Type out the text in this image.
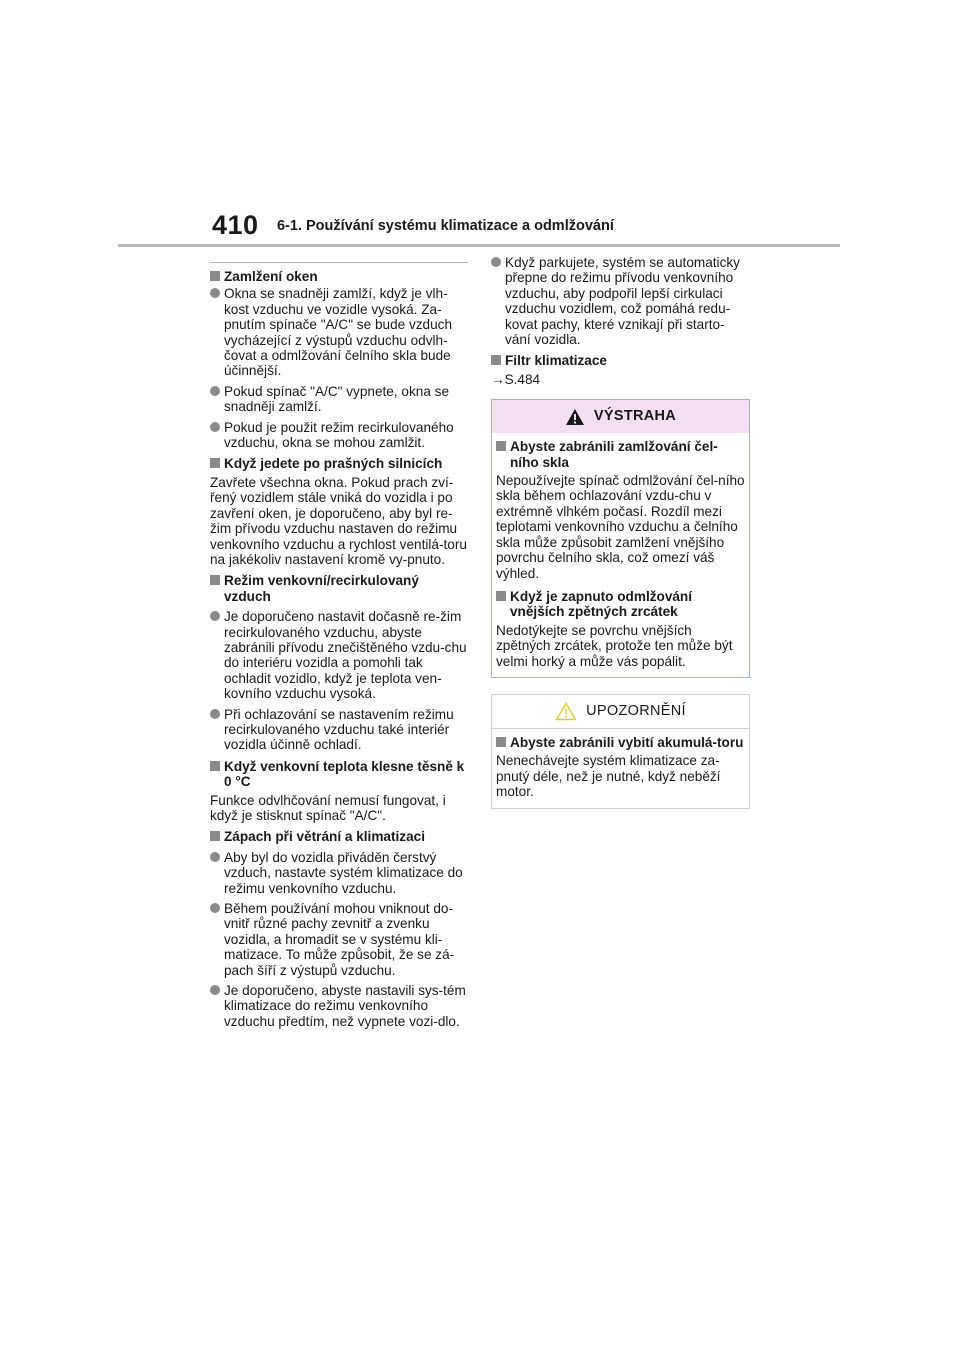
410 6-1. Používání systému klimatizace a odmlžování
Zamlžení oken
Okna se snadněji zamlží, když je vlh-kost vzduchu ve vozidle vysoká. Za-pnutím spínače "A/C" se bude vzduch vycházející z výstupů vzduchu odvlh-čovat a odmlžování čelního skla bude účinnější.
Pokud spínač "A/C" vypnete, okna se snadněji zamlží.
Pokud je použit režim recirkulovaného vzduchu, okna se mohou zamlžit.
Když jedete po prašných silnicích
Zavřete všechna okna. Pokud prach zví-řený vozidlem stále vniká do vozidla i po zavření oken, je doporučeno, aby byl re-žim přívodu vzduchu nastaven do režimu venkovního vzduchu a rychlost ventilá-toru na jakékoliv nastavení kromě vy-pnuto.
Režim venkovní/recirkulovaný vzduch
Je doporučeno nastavit dočasně re-žim recirkulovaného vzduchu, abyste zabránili přívodu znečištěného vzdu-chu do interiéru vozidla a pomohli tak ochladit vozidlo, když je teplota ven-kovního vzduchu vysoká.
Při ochlazování se nastavením režimu recirkulovaného vzduchu také interiér vozidla účinně ochladí.
Když venkovní teplota klesne těsně k 0 °C
Funkce odvlhčování nemusí fungovat, i když je stisknut spínač "A/C".
Zápach při větrání a klimatizaci
Aby byl do vozidla přiváděn čerstvý vzduch, nastavte systém klimatizace do režimu venkovního vzduchu.
Během používání mohou vniknout do-vnitř různé pachy zevnitř a zvenku vozidla, a hromadit se v systému kli-matizace. To může způsobit, že se zá-pach šíří z výstupů vzduchu.
Je doporučeno, abyste nastavili sys-tém klimatizace do režimu venkovního vzduchu předtím, než vypnete vozi-dlo.
Když parkujete, systém se automaticky přepne do režimu přívodu venkovního vzduchu, aby podpořil lepší cirkulaci vzduchu vozidlem, což pomáhá redu-kovat pachy, které vznikají při starto-vání vozidla.
Filtr klimatizace
→S.484
VÝSTRAHA
Abyste zabránili zamlžování čel-ního skla
Nepoužívejte spínač odmlžování čel-ního skla během ochlazování vzdu-chu v extrémně vlhkém počasí. Rozdíl mezi teplotami venkovního vzduchu a čelního skla může způsobit zamlžení vnějšího povrchu čelního skla, což omezí váš výhled.
Když je zapnuto odmlžování vnějších zpětných zrcátek
Nedotýkejte se povrchu vnějších zpětných zrcátek, protože ten může být velmi horký a může vás popálit.
UPOZORNĚNÍ
Abyste zabránili vybití akumulá-toru
Nenechávejte systém klimatizace za-pnutý déle, než je nutné, když neběží motor.
